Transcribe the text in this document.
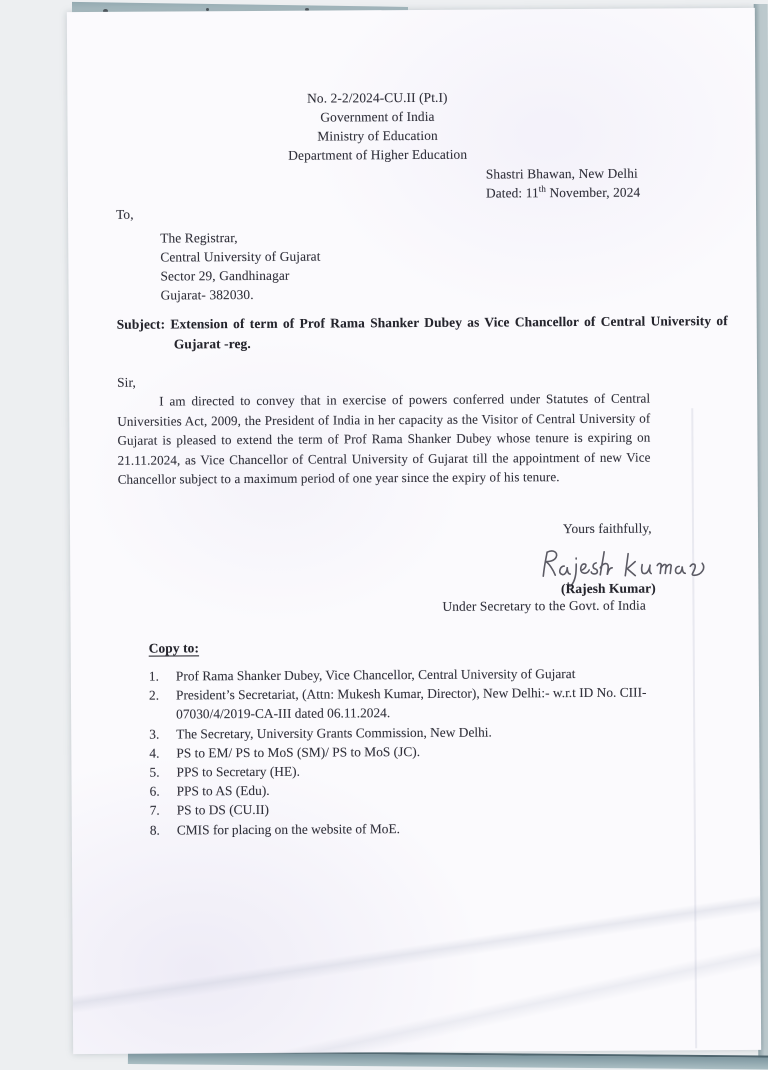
No. 2-2/2024-CU.II (Pt.I)
Government of India
Ministry of Education
Department of Higher Education
Shastri Bhawan, New Delhi
Dated: 11th November, 2024
To,
The Registrar,
Central University of Gujarat
Sector 29, Gandhinagar
Gujarat- 382030.
Subject: Extension of term of Prof Rama Shanker Dubey as Vice Chancellor of Central University of Gujarat -reg.
Sir,

I am directed to convey that in exercise of powers conferred under Statutes of Central Universities Act, 2009, the President of India in her capacity as the Visitor of Central University of Gujarat is pleased to extend the term of Prof Rama Shanker Dubey whose tenure is expiring on 21.11.2024, as Vice Chancellor of Central University of Gujarat till the appointment of new Vice Chancellor subject to a maximum period of one year since the expiry of his tenure.

Yours faithfully,
(Rajesh Kumar)
Under Secretary to the Govt. of India
Copy to:
Prof Rama Shanker Dubey, Vice Chancellor, Central University of Gujarat
President’s Secretariat, (Attn: Mukesh Kumar, Director), New Delhi:- w.r.t ID No. CIII-07030/4/2019-CA-III dated 06.11.2024.
The Secretary, University Grants Commission, New Delhi.
PS to EM/ PS to MoS (SM)/ PS to MoS (JC).
PPS to Secretary (HE).
PPS to AS (Edu).
PS to DS (CU.II)
CMIS for placing on the website of MoE.
